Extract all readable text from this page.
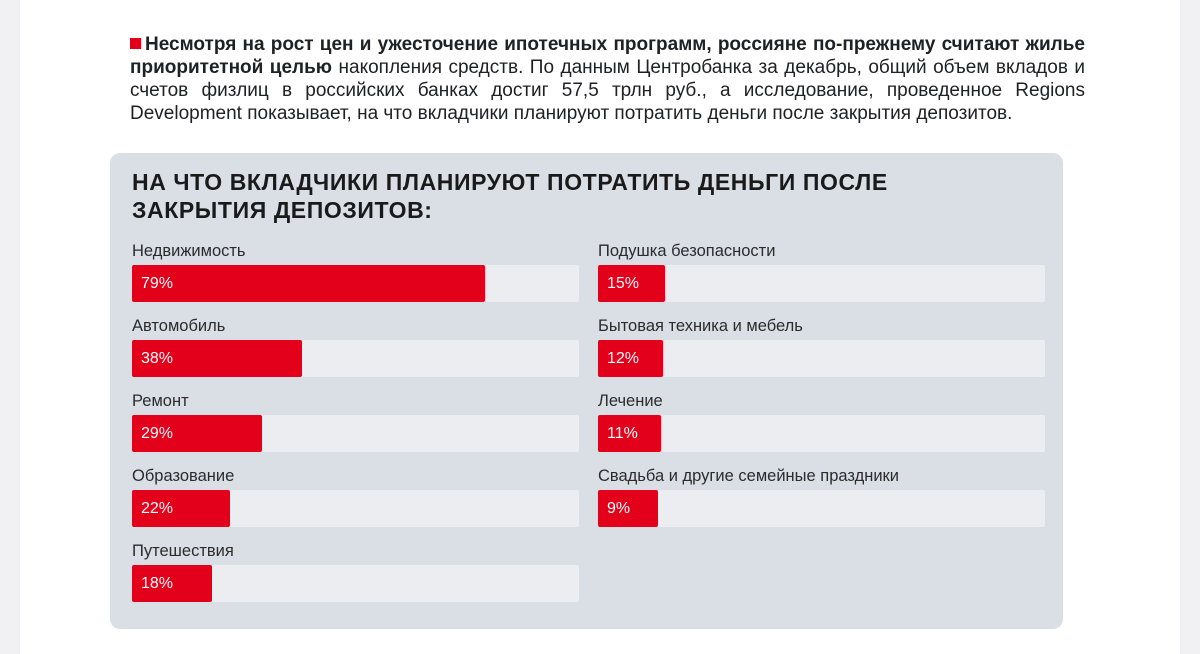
Несмотря на рост цен и ужесточение ипотечных программ, россияне по-прежнему считают жилье приоритетной целью накопления средств. По данным Центробанка за декабрь, общий объем вкладов и счетов физлиц в российских банках достиг 57,5 трлн руб., а исследование, проведенное Regions Development показывает, на что вкладчики планируют потратить деньги после закрытия депозитов.

НА ЧТО ВКЛАДЧИКИ ПЛАНИРУЮТ ПОТРАТИТЬ ДЕНЬГИ ПОСЛЕ ЗАКРЫТИЯ ДЕПОЗИТОВ:
Недвижимость
79%
Автомобиль
38%
Ремонт
29%
Образование
22%
Путешествия
18%
Подушка безопасности
15%
Бытовая техника и мебель
12%
Лечение
11%
Свадьба и другие семейные праздники
9%
